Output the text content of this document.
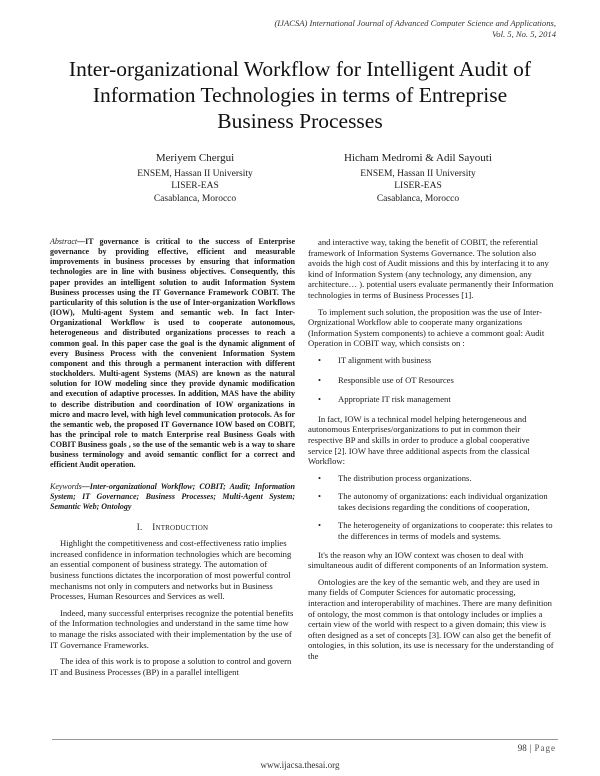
(IJACSA) International Journal of Advanced Computer Science and Applications,
Vol. 5, No. 5, 2014
Inter-organizational Workflow for Intelligent Audit of
Information Technologies in terms of Entreprise
Business Processes
Meriyem Chergui
ENSEM, Hassan II University
LISER-EAS
Casablanca, Morocco
Hicham Medromi & Adil Sayouti
ENSEM, Hassan II University
LISER-EAS
Casablanca, Morocco

Abstract—IT governance is critical to the success of Enterprise governance by providing effective, efficient and measurable improvements in business processes by ensuring that information technologies are in line with business objectives. Consequently, this paper provides an intelligent solution to audit Information System Business processes using the IT Governance Framework COBIT. The particularity of this solution is the use of Inter-organization Workflows (IOW), Multi-agent System and semantic web. In fact Inter-Organizational Workflow is used to cooperate autonomous, heterogeneous and distributed organizations processes to reach a common goal. In this paper case the goal is the dynamic alignment of every Business Process with the convenient Information System component and this through a permanent interaction with different stockholders. Multi-agent Systems (MAS) are known as the natural solution for IOW modeling since they provide dynamic modification and execution of adaptive processes. In addition, MAS have the ability to describe distribution and coordination of IOW organizations in micro and macro level, with high level communication protocols. As for the semantic web, the proposed IT Governance IOW based on COBIT, has the principal role to match Enterprise real Business Goals with COBIT Business goals , so the use of the semantic web is a way to share business terminology and avoid semantic conflict for a correct and efficient Audit operation.

Keywords—Inter-organizational Workflow; COBIT; Audit; Information System; IT Governance; Business Processes; Multi-Agent System; Semantic Web; Ontology

I. INTRODUCTION

Highlight the competitiveness and cost-effectiveness ratio implies increased confidence in information technologies which are becoming an essential component of business strategy. The automation of business functions dictates the incorporation of most powerful control mechanisms not only in computers and networks but in Business Processes, Human Resources and Services as well.

Indeed, many successful enterprises recognize the potential benefits of the Information technologies and understand in the same time how to manage the risks associated with their implementation by the use of IT Governance Frameworks.

The idea of this work is to propose a solution to control and govern IT and Business Processes (BP) in a parallel intelligent

and interactive way, taking the benefit of COBIT, the referential framework of Information Systems Governance. The solution also avoids the high cost of Audit missions and this by interfacing it to any kind of Information System (any technology, any dimension, any architecture… ). potential users evaluate permanently their Information technologies in terms of Business Processes [1].

To implement such solution, the proposition was the use of Inter-Orgnizational Workflow able to cooperate many organizations (Information System components) to achieve a commont goal: Audit Operation in COBIT way, which consists on :

• IT alignment with business
• Responsible use of OT Resources
• Appropriate IT risk management

In fact, IOW is a technical model helping heterogeneous and autonomous Enterprises/organizations to put in common their respective BP and skills in order to produce a global cooperative service [2]. IOW have three additional aspects from the classical Workflow:

• The distribution process organizations.
• The autonomy of organizations: each individual organization takes decisions regarding the conditions of cooperation,
• The heterogeneity of organizations to cooperate: this relates to the differences in terms of models and systems.

It's the reason why an IOW context was chosen to deal with simultaneous audit of different components of an Information system.

Ontologies are the key of the semantic web, and they are used in many fields of Computer Sciences for automatic processing, interaction and interoperability of machines. There are many definition of ontology, the most common is that ontology includes or implies a certain view of the world with respect to a given domain; this view is often designed as a set of concepts [3]. IOW can also get the benefit of ontologies, in this solution, its use is necessary for the understanding of the

98 | Page
www.ijacsa.thesai.org
